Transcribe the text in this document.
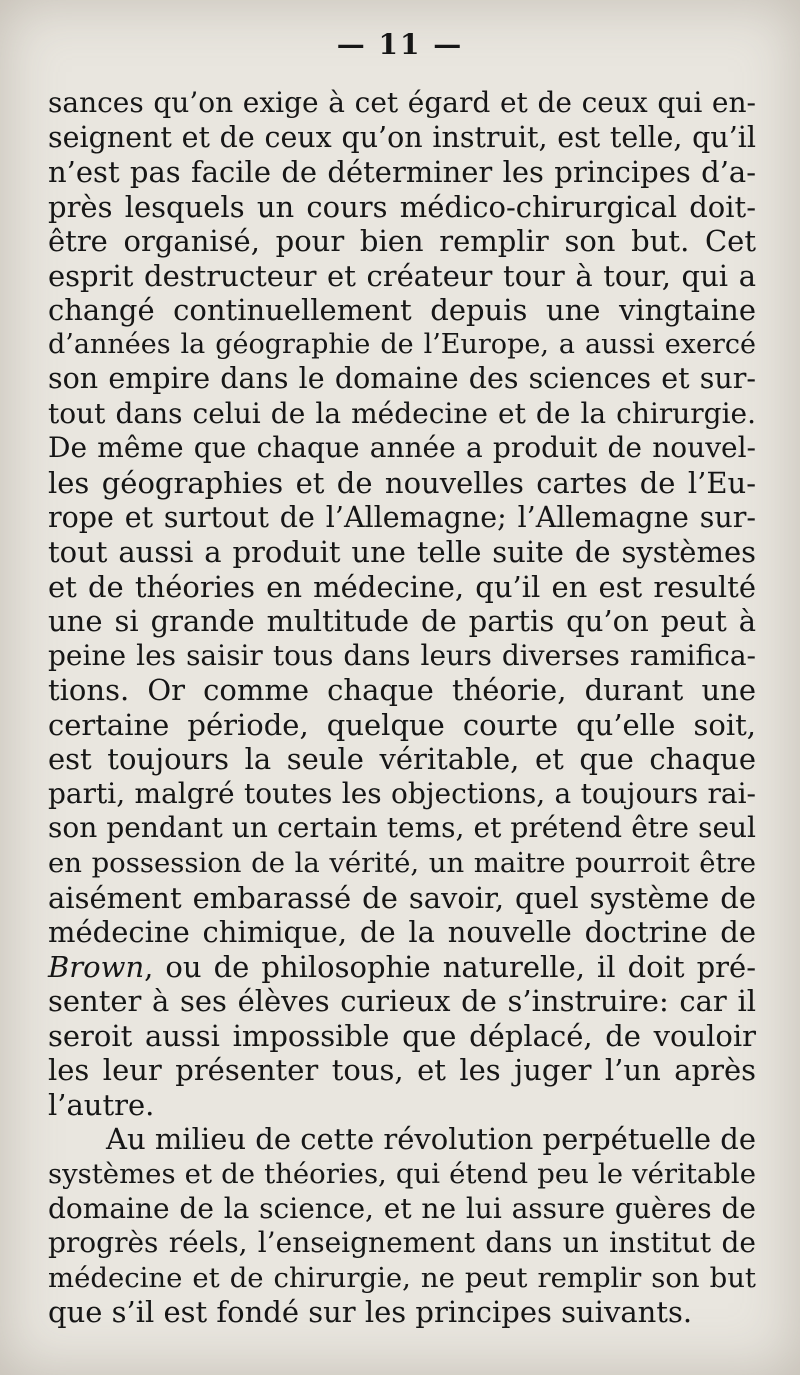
— 11 —
sances qu’on exige à cet égard et de ceux qui en-
seignent et de ceux qu’on instruit, est telle, qu’il
n’est pas facile de déterminer les principes d’a-
près lesquels un cours médico-chirurgical doit-
être organisé, pour bien remplir son but. Cet
esprit destructeur et créateur tour à tour, qui a
changé continuellement depuis une vingtaine
d’années la géographie de l’Europe, a aussi exercé
son empire dans le domaine des sciences et sur-
tout dans celui de la médecine et de la chirurgie.
De même que chaque année a produit de nouvel-
les géographies et de nouvelles cartes de l’Eu-
rope et surtout de l’Allemagne; l’Allemagne sur-
tout aussi a produit une telle suite de systèmes
et de théories en médecine, qu’il en est resulté
une si grande multitude de partis qu’on peut à
peine les saisir tous dans leurs diverses ramifica-
tions. Or comme chaque théorie, durant une
certaine période, quelque courte qu’elle soit,
est toujours la seule véritable, et que chaque
parti, malgré toutes les objections, a toujours rai-
son pendant un certain tems, et prétend être seul
en possession de la vérité, un maitre pourroit être
aisément embarassé de savoir, quel système de
médecine chimique, de la nouvelle doctrine de
Brown, ou de philosophie naturelle, il doit pré-
senter à ses élèves curieux de s’instruire: car il
seroit aussi impossible que déplacé, de vouloir
les leur présenter tous, et les juger l’un après
l’autre.
Au milieu de cette révolution perpétuelle de
systèmes et de théories, qui étend peu le véritable
domaine de la science, et ne lui assure guères de
progrès réels, l’enseignement dans un institut de
médecine et de chirurgie, ne peut remplir son but
que s’il est fondé sur les principes suivants.
